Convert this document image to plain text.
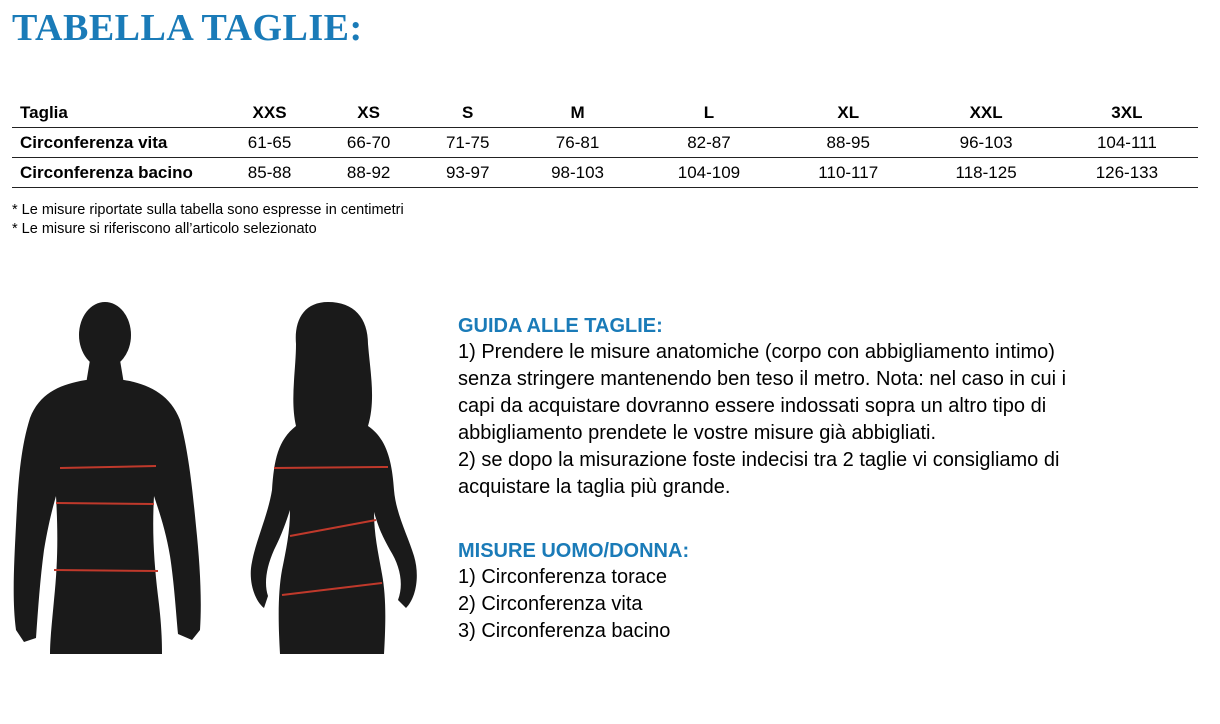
TABELLA TAGLIE:
Taglia	XXS	XS	S	M	L	XL	XXL	3XL
Circonferenza vita	61-65	66-70	71-75	76-81	82-87	88-95	96-103	104-111
Circonferenza bacino	85-88	88-92	93-97	98-103	104-109	110-117	118-125	126-133
* Le misure riportate sulla tabella sono espresse in centimetri
* Le misure si riferiscono all’articolo selezionato
GUIDA ALLE TAGLIE:

1) Prendere le misure anatomiche (corpo con abbigliamento intimo)

senza stringere mantenendo ben teso il metro. Nota: nel caso in cui i

capi da acquistare dovranno essere indossati sopra un altro tipo di

abbigliamento prendete le vostre misure già abbigliati.

2) se dopo la misurazione foste indecisi tra 2 taglie vi consigliamo di

acquistare la taglia più grande.

MISURE UOMO/DONNA:
1) Circonferenza torace
2) Circonferenza vita
3) Circonferenza bacino
